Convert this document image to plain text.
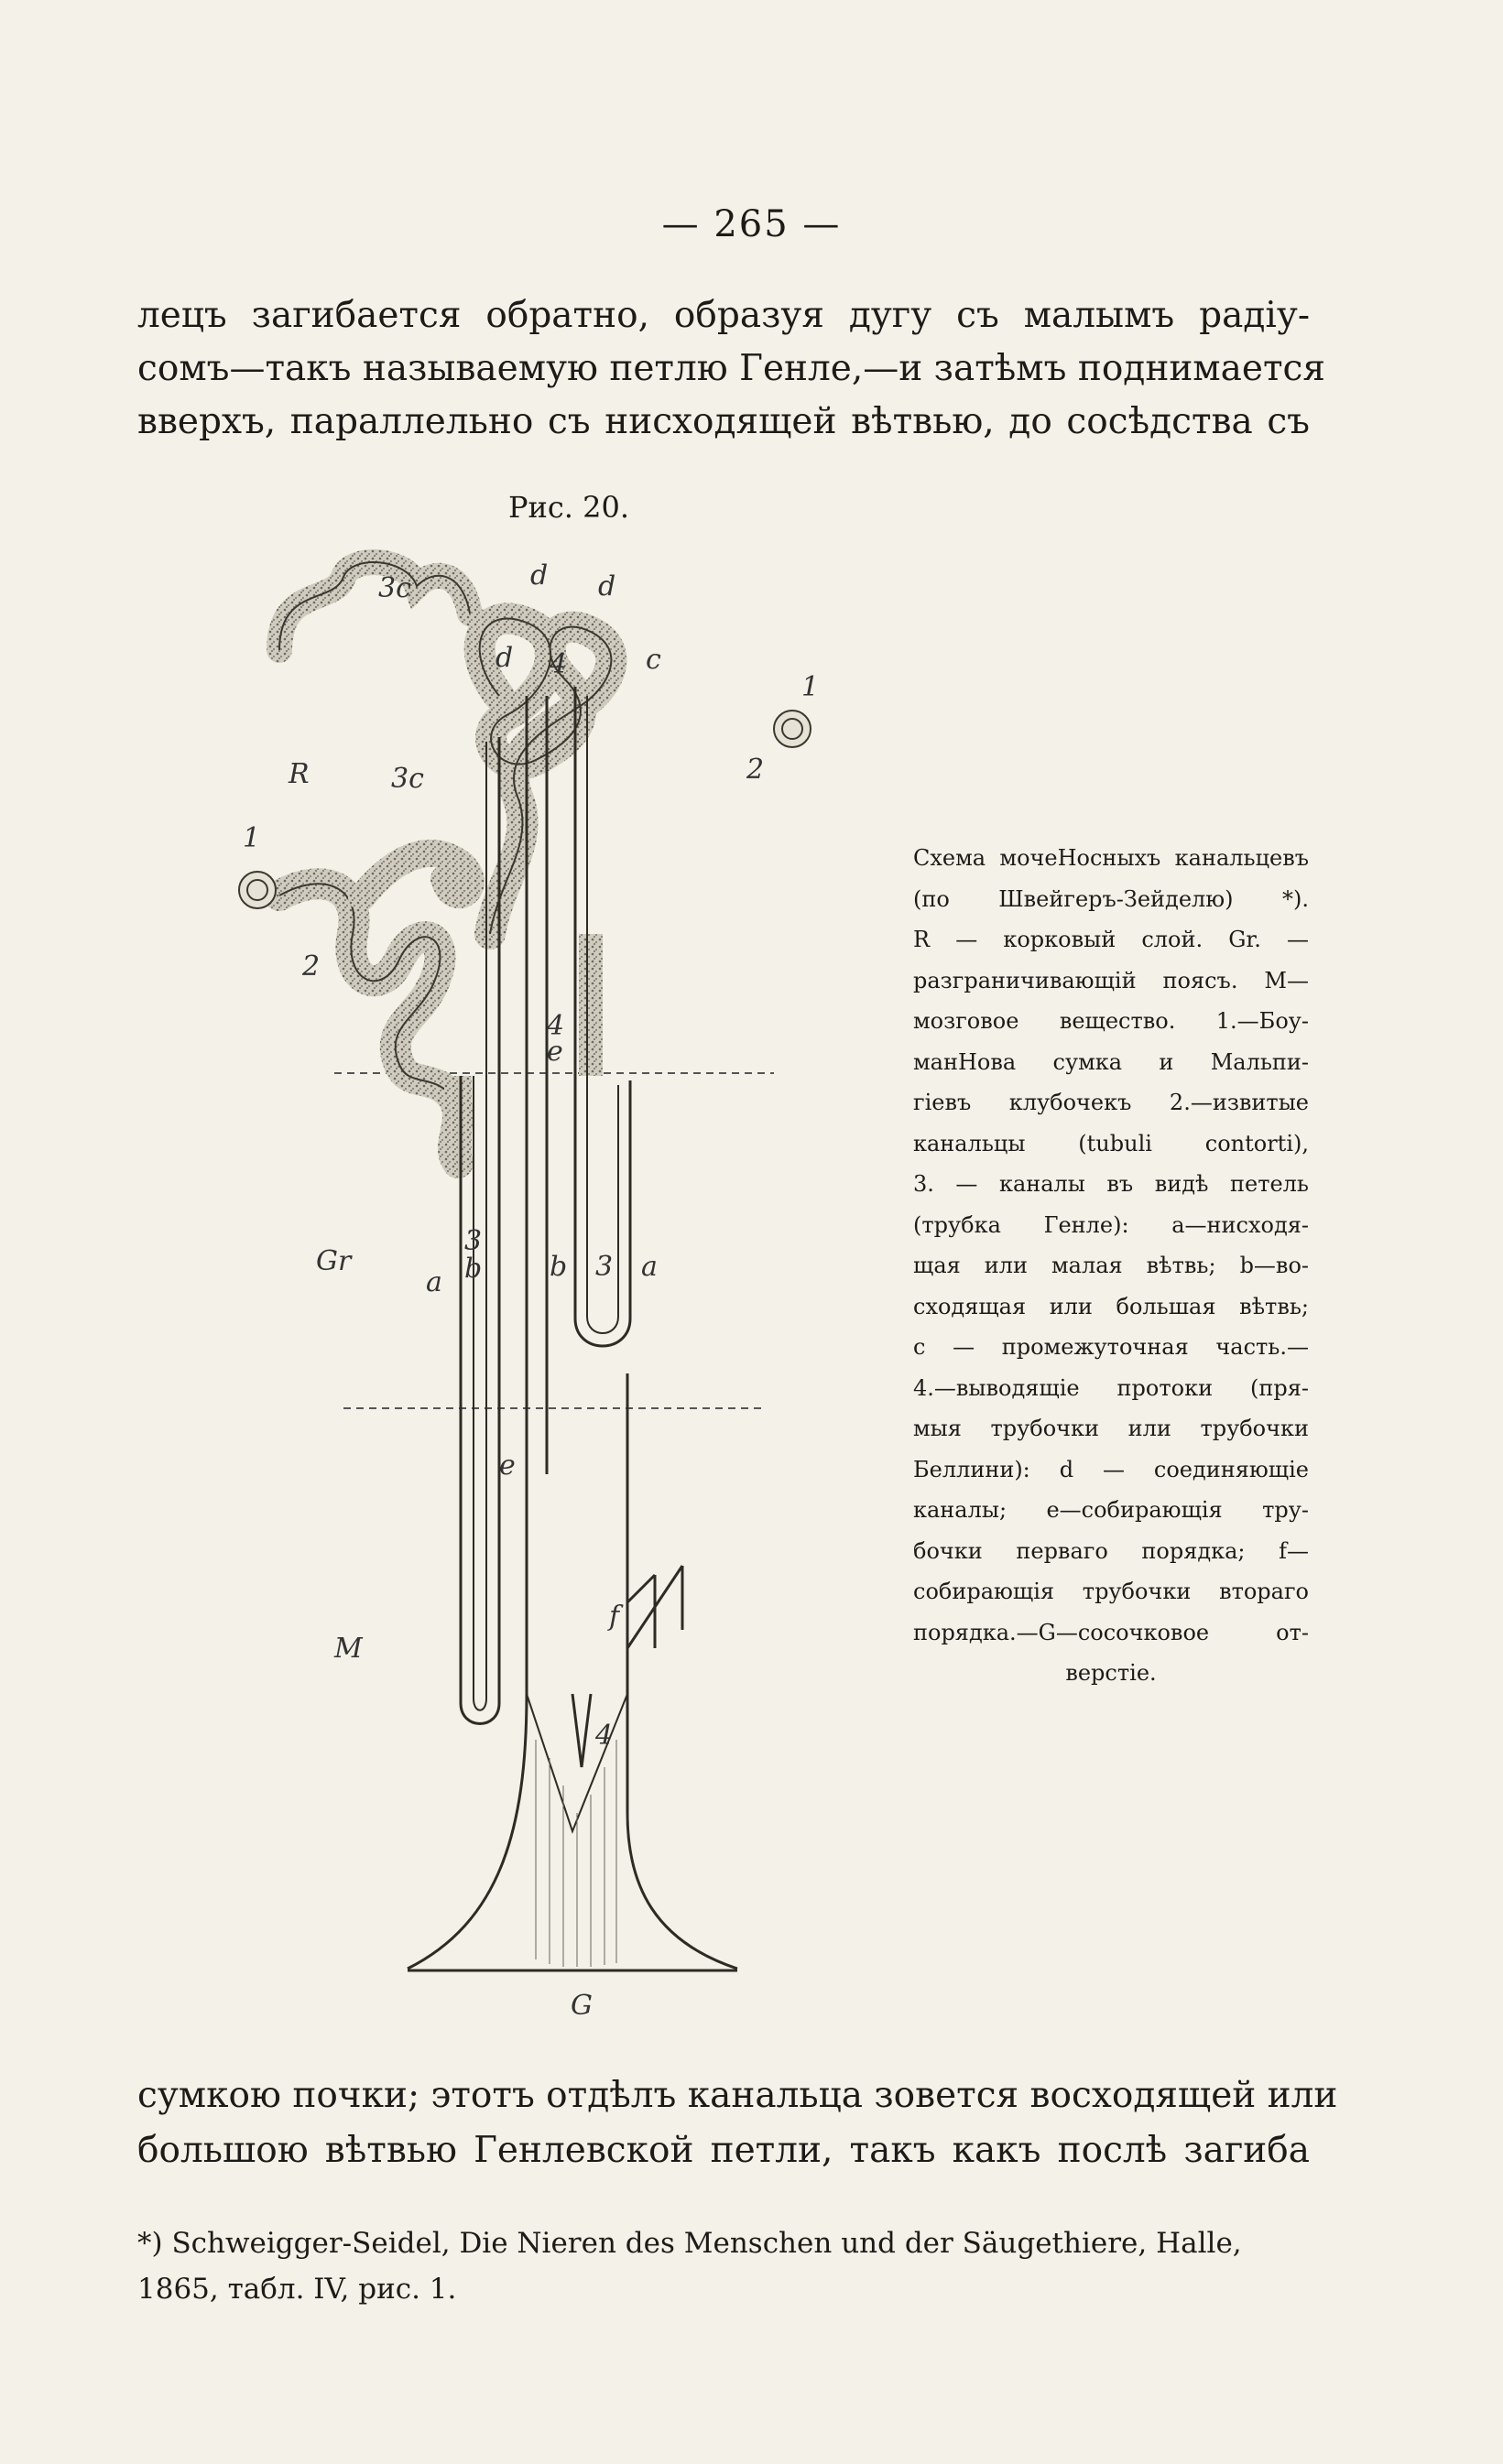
— 265 —
лецъ загибается обратно, образуя дугу съ малымъ радіу-
сомъ—такъ называемую петлю Генле,—и затѣмъ поднимается
вверхъ, параллельно съ нисходящей вѣтвью, до сосѣдства съ
Рис. 20.
R
Gr
M
G
3c
3c
d d
d 4	c
1
2
1
2
4
e
3
b
a	b 3 a
e
f
4
Схема мочеНосныхъ канальцевъ
(по Швейгеръ-Зейделю) *).
R — корковый слой. Gr. —
разграничивающій поясъ. М—
мозговое вещество. 1.—Боу-
манНова сумка и Мальпи-
гіевъ клубочекъ 2.—извитые
канальцы (tubuli contorti),
3. — каналы въ видѣ петель
(трубка Генле): а—нисходя-
щая или малая вѣтвь; b—во-
сходящая или большая вѣтвь;
с — промежуточная часть.—
4.—выводящіе протоки (пря-
мыя трубочки или трубочки
Беллини): d — соединяющіе
каналы; е—собирающія тру-
бочки перваго порядка; f—
собирающія трубочки втораго
порядка.—G—сосочковое от-
верстіе.
сумкою почки; этотъ отдѣлъ канальца зовется восходящей или
большою вѣтвью Генлевской петли, такъ какъ послѣ загиба
*) Schweigger-Seidel, Die Nieren des Menschen und der Säugethiere, Halle,
1865, табл. IV, рис. 1.
